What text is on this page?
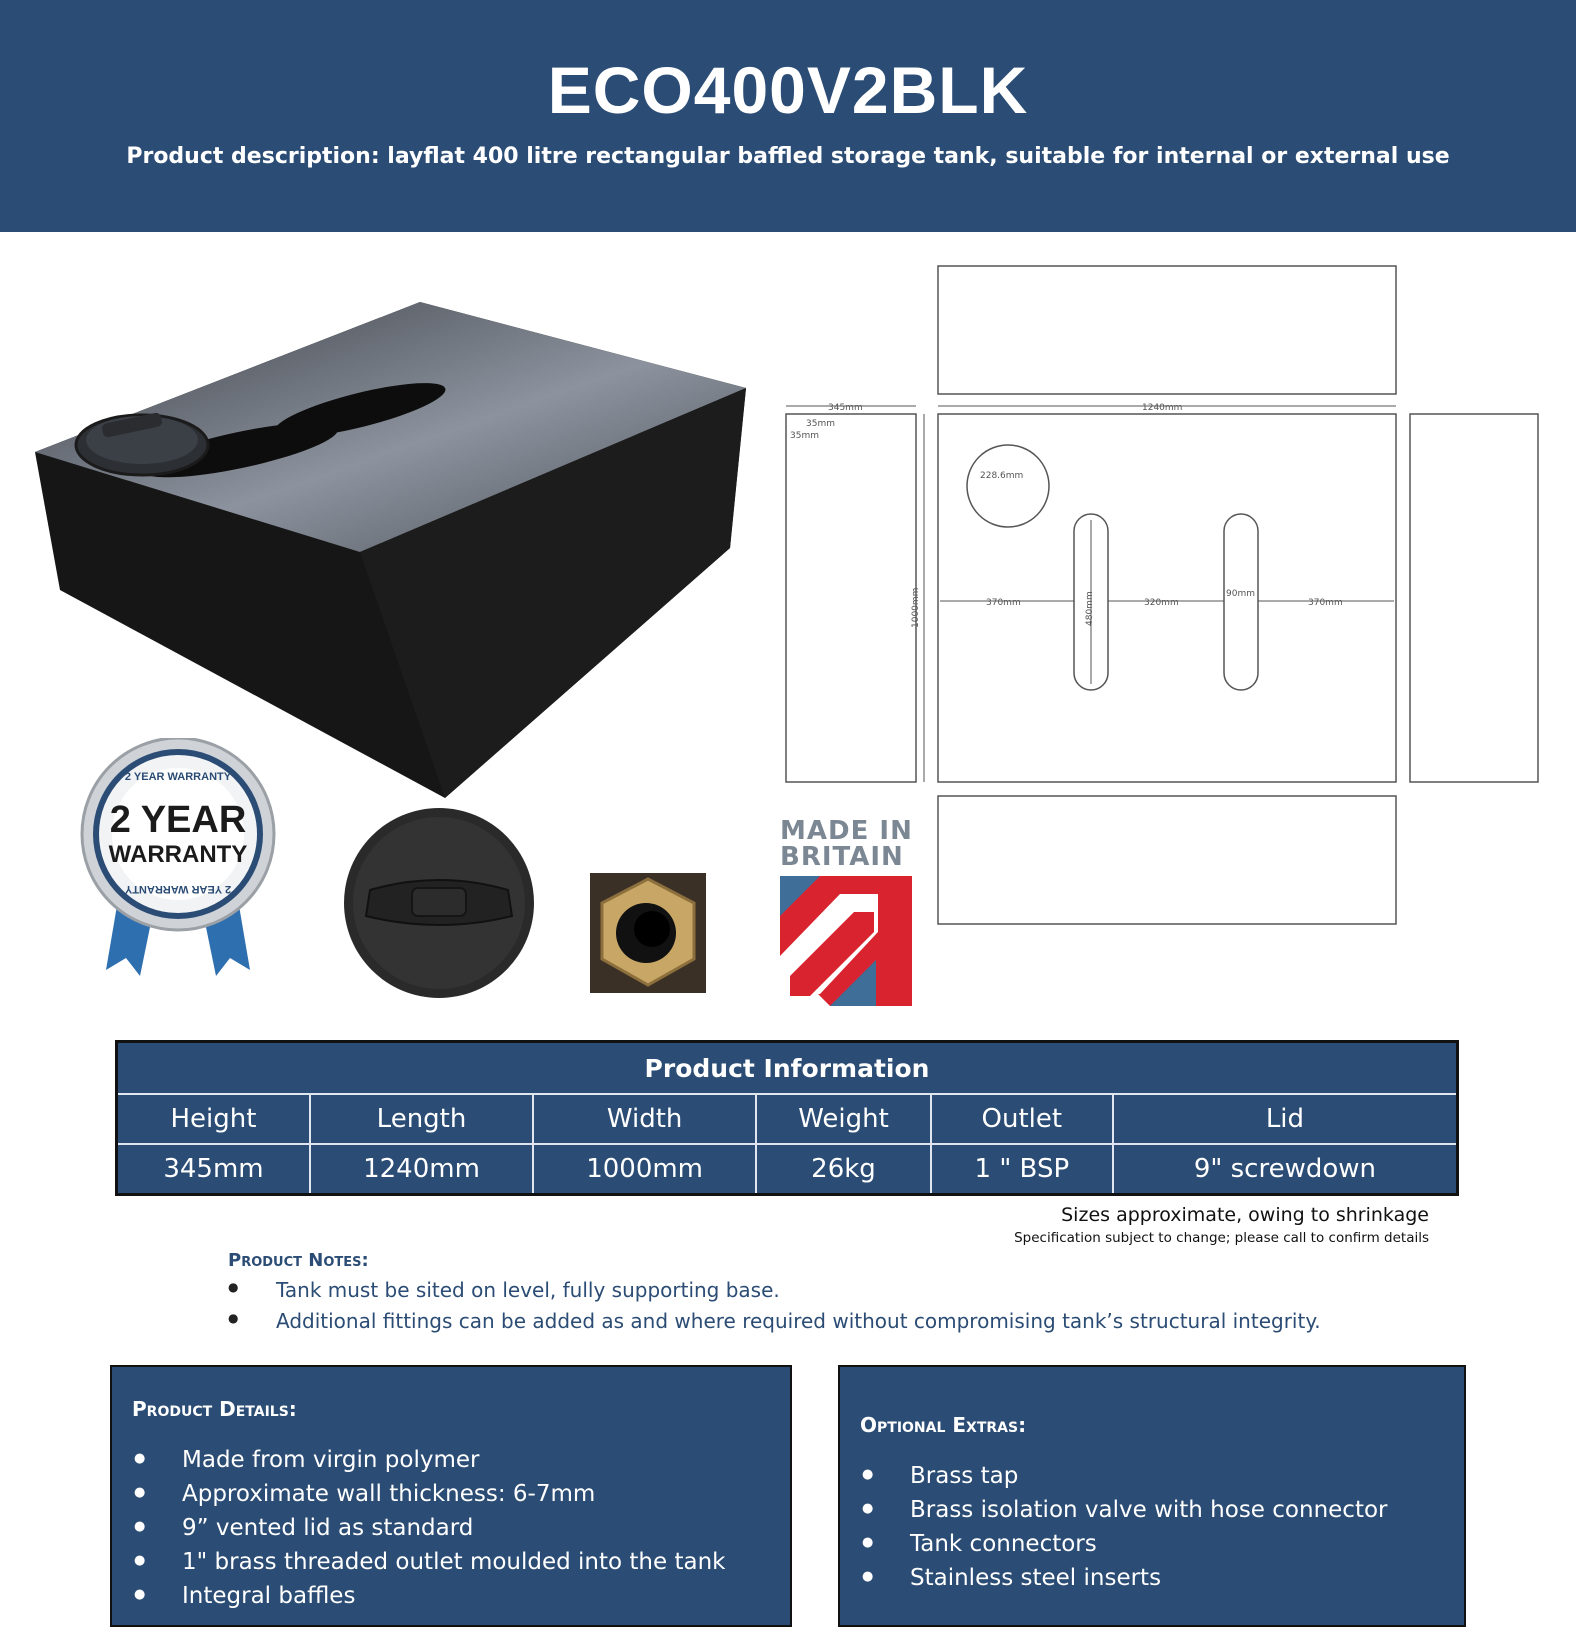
ECO400V2BLK
Product description: layflat 400 litre rectangular baffled storage tank, suitable for internal or external use
345mm	1240mm
1000mm
35mm
35mm
228.6mm
370mm	480mm	320mm
90mm
370mm
2 YEAR WARRANTY
2 YEAR
WARRANTY
2 YEAR WARRANTY
MADE IN
BRITAIN
Product Information					
Height	Length	Width	Weight	Outlet	Lid
345mm	1240mm	1000mm	26kg	1 " BSP	9" screwdown
Sizes approximate, owing to shrinkage
Specification subject to change; please call to confirm details
Product Notes:
● Tank must be sited on level, fully supporting base.
● Additional fittings can be added as and where required without compromising tank’s structural integrity.
Product Details:
● Made from virgin polymer
● Approximate wall thickness: 6-7mm
● 9” vented lid as standard
● 1" brass threaded outlet moulded into the tank
● Integral baffles
Optional Extras:
● Brass tap
● Brass isolation valve with hose connector
● Tank connectors
● Stainless steel inserts
